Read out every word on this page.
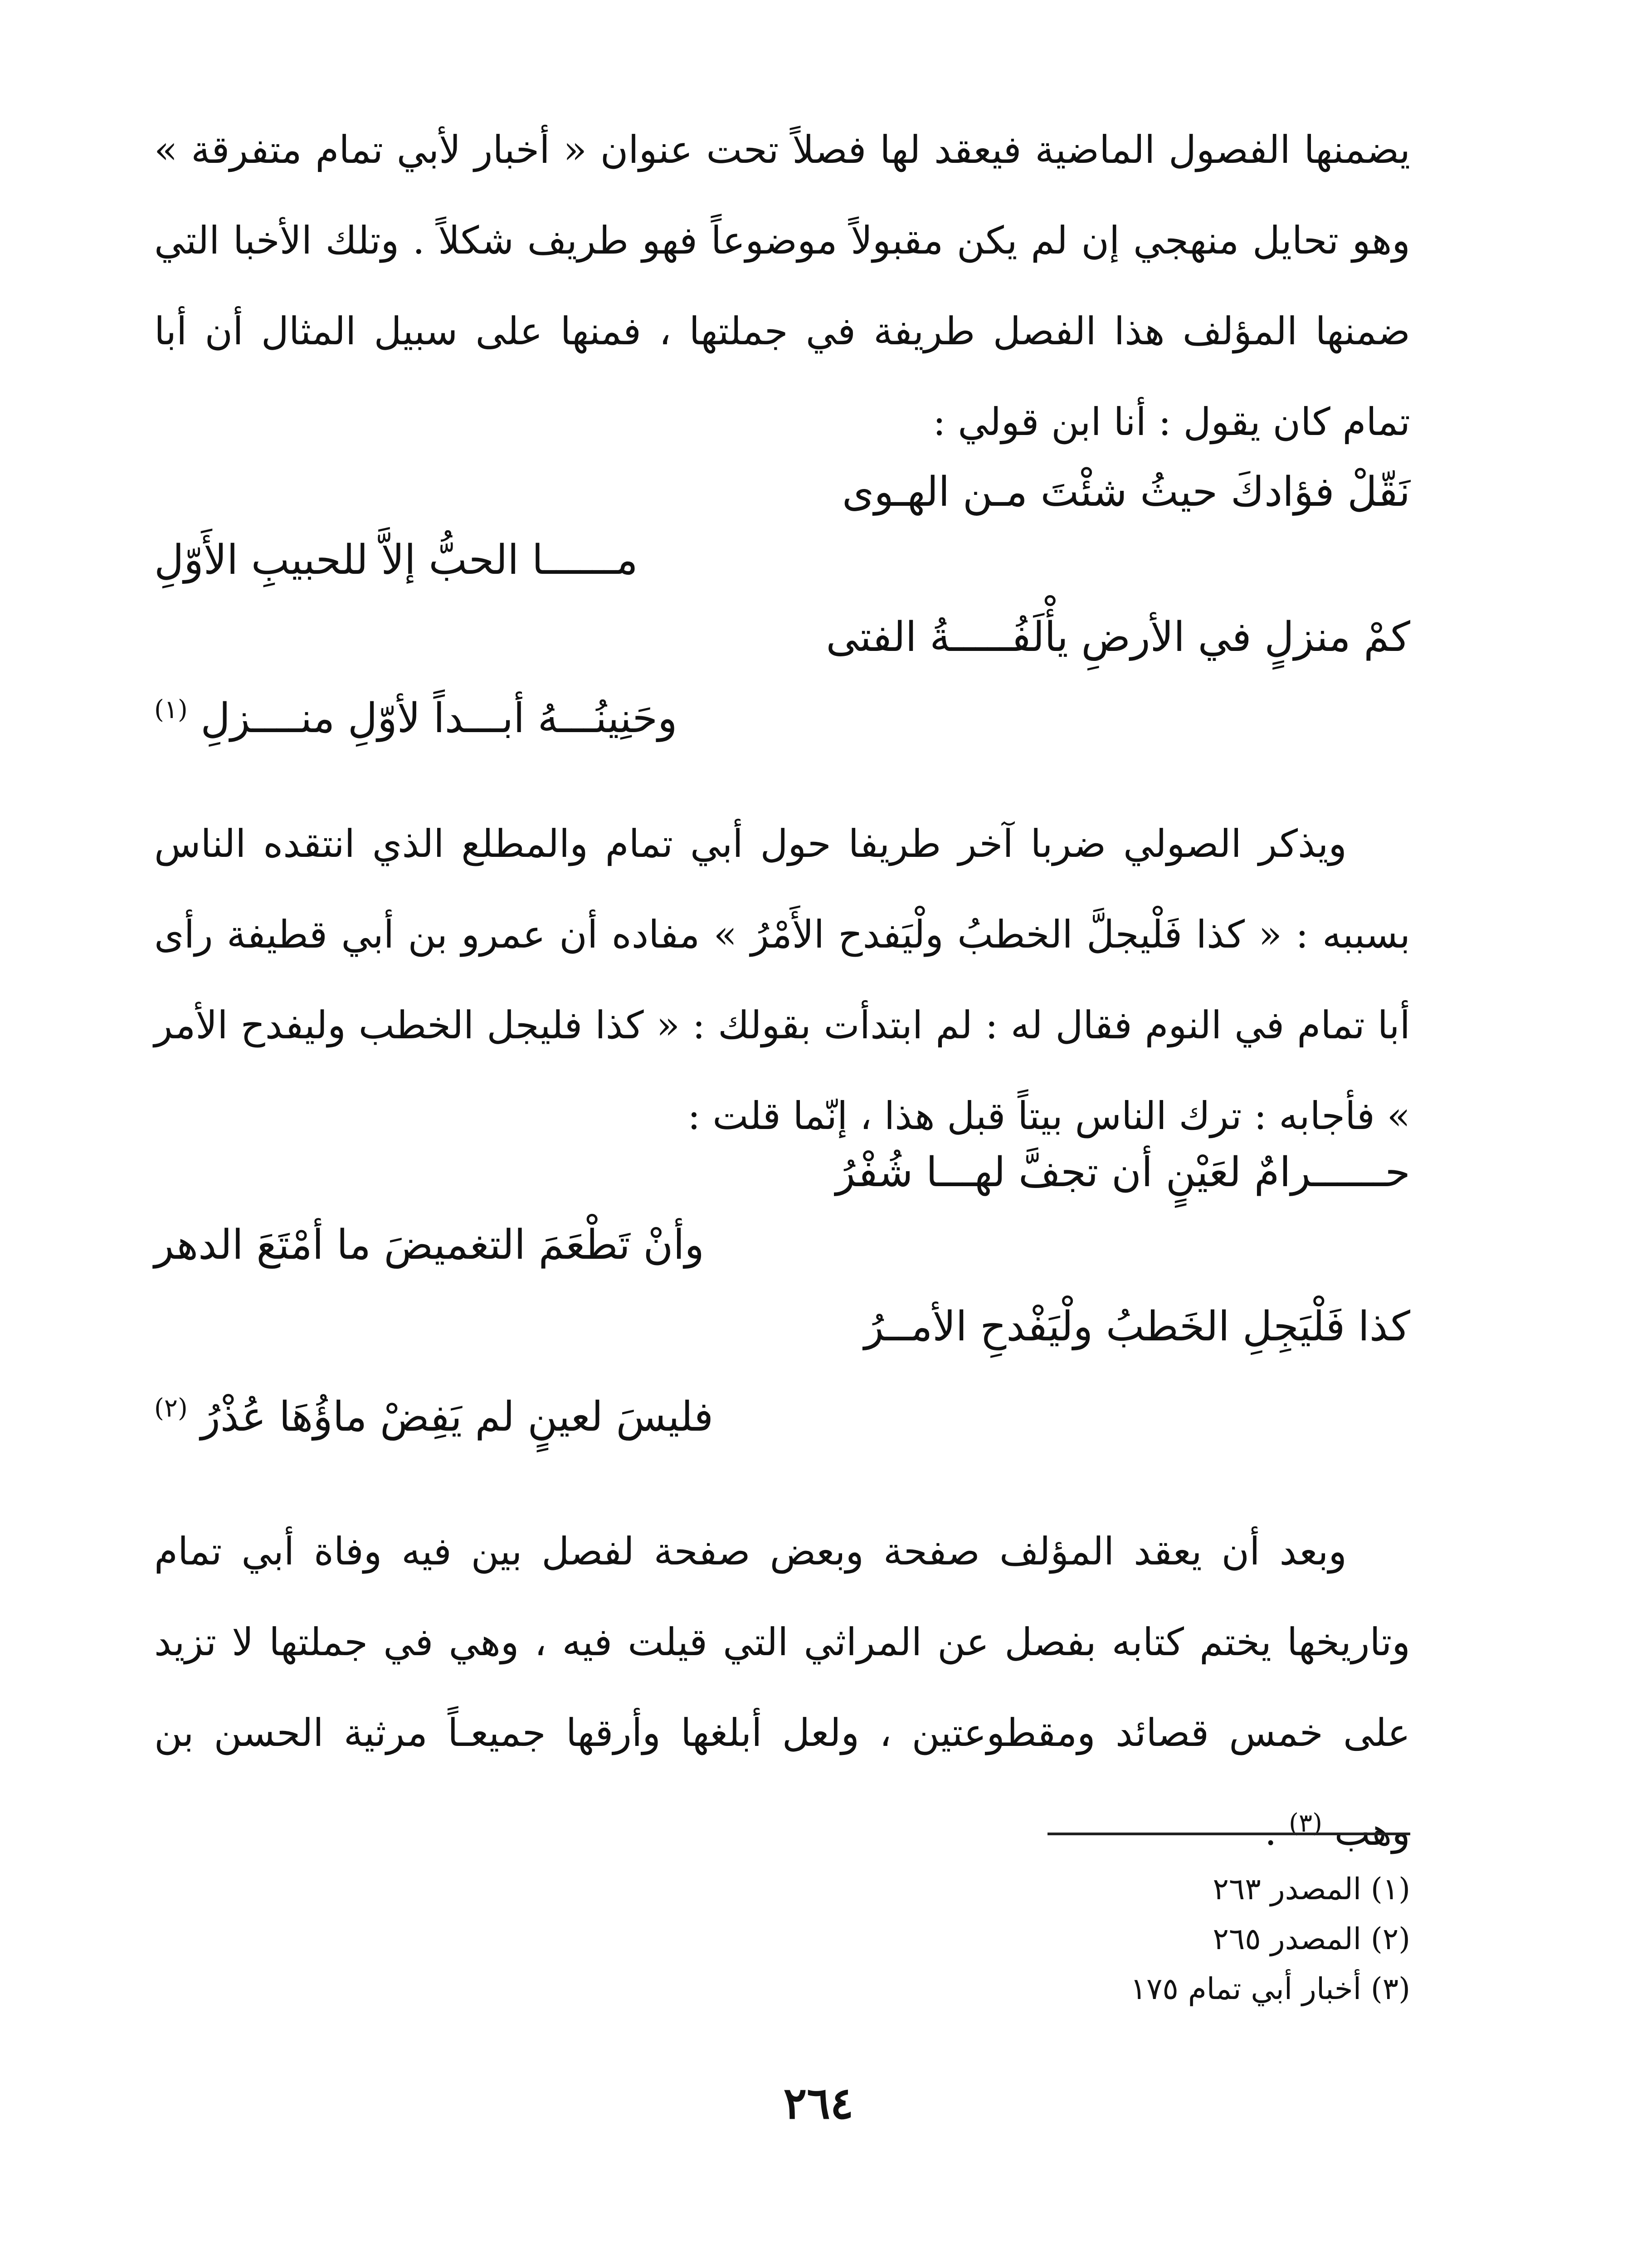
يضمنها الفصول الماضية فيعقد لها فصلاً تحت عنوان « أخبار لأبي تمام متفرقة » وهو تحايل منهجي إن لم يكن مقبولاً موضوعاً فهو طريف شكلاً . وتلك الأخبا التي ضمنها المؤلف هذا الفصل طريفة في جملتها ، فمنها على سبيل المثال أن أبا تمام كان يقول : أنا ابن قولي :

نَقّلْ فؤادكَ حيثُ شئْتَ مـن الهـوى

مــــــا الحبُّ إلاَّ للحبيبِ الأَوّلِ

كمْ منزلٍ في الأرضِ يأْلَفُـــــةُ الفتى

وحَنِينُـــهُ أبـــداً لأوّلِ منــــزلِ $^{(١)}$

ويذكر الصولي ضربا آخر طريفا حول أبي تمام والمطلع الذي انتقده الناس بسببه : « كذا فَلْيجلَّ الخطبُ ولْيَفدح الأَمْرُ » مفاده أن عمرو بن أبي قطيفة رأى أبا تمام في النوم فقال له : لم ابتدأت بقولك : « كذا فليجل الخطب وليفدح الأمر » فأجابه : ترك الناس بيتاً قبل هذا ، إنّما قلت :

حــــــرامٌ لعَيْنٍ أن تجفَّ لهـــا شُفْرُ

وأنْ تَطْعَمَ التغميضَ ما أمْتَعَ الدهر

كذا فَلْيَجِلِ الخَطبُ ولْيَفْدحِ الأمــرُ

فليسَ لعينٍ لم يَفِضْ ماؤُهَا عُذْرُ $^{(٢)}$

وبعد أن يعقد المؤلف صفحة وبعض صفحة لفصل بين فيه وفاة أبي تمام وتاريخها يختم كتابه بفصل عن المراثي التي قيلت فيه ، وهي في جملتها لا تزيد على خمس قصائد ومقطوعتين ، ولعل أبلغها وأرقها جميعـاً مرثية الحسن بن وهب $^{(٣)}$ .

(١) المصدر ٢٦٣

(٢) المصدر ٢٦٥

(٣) أخبار أبي تمام ١٧٥

٢٦٤
